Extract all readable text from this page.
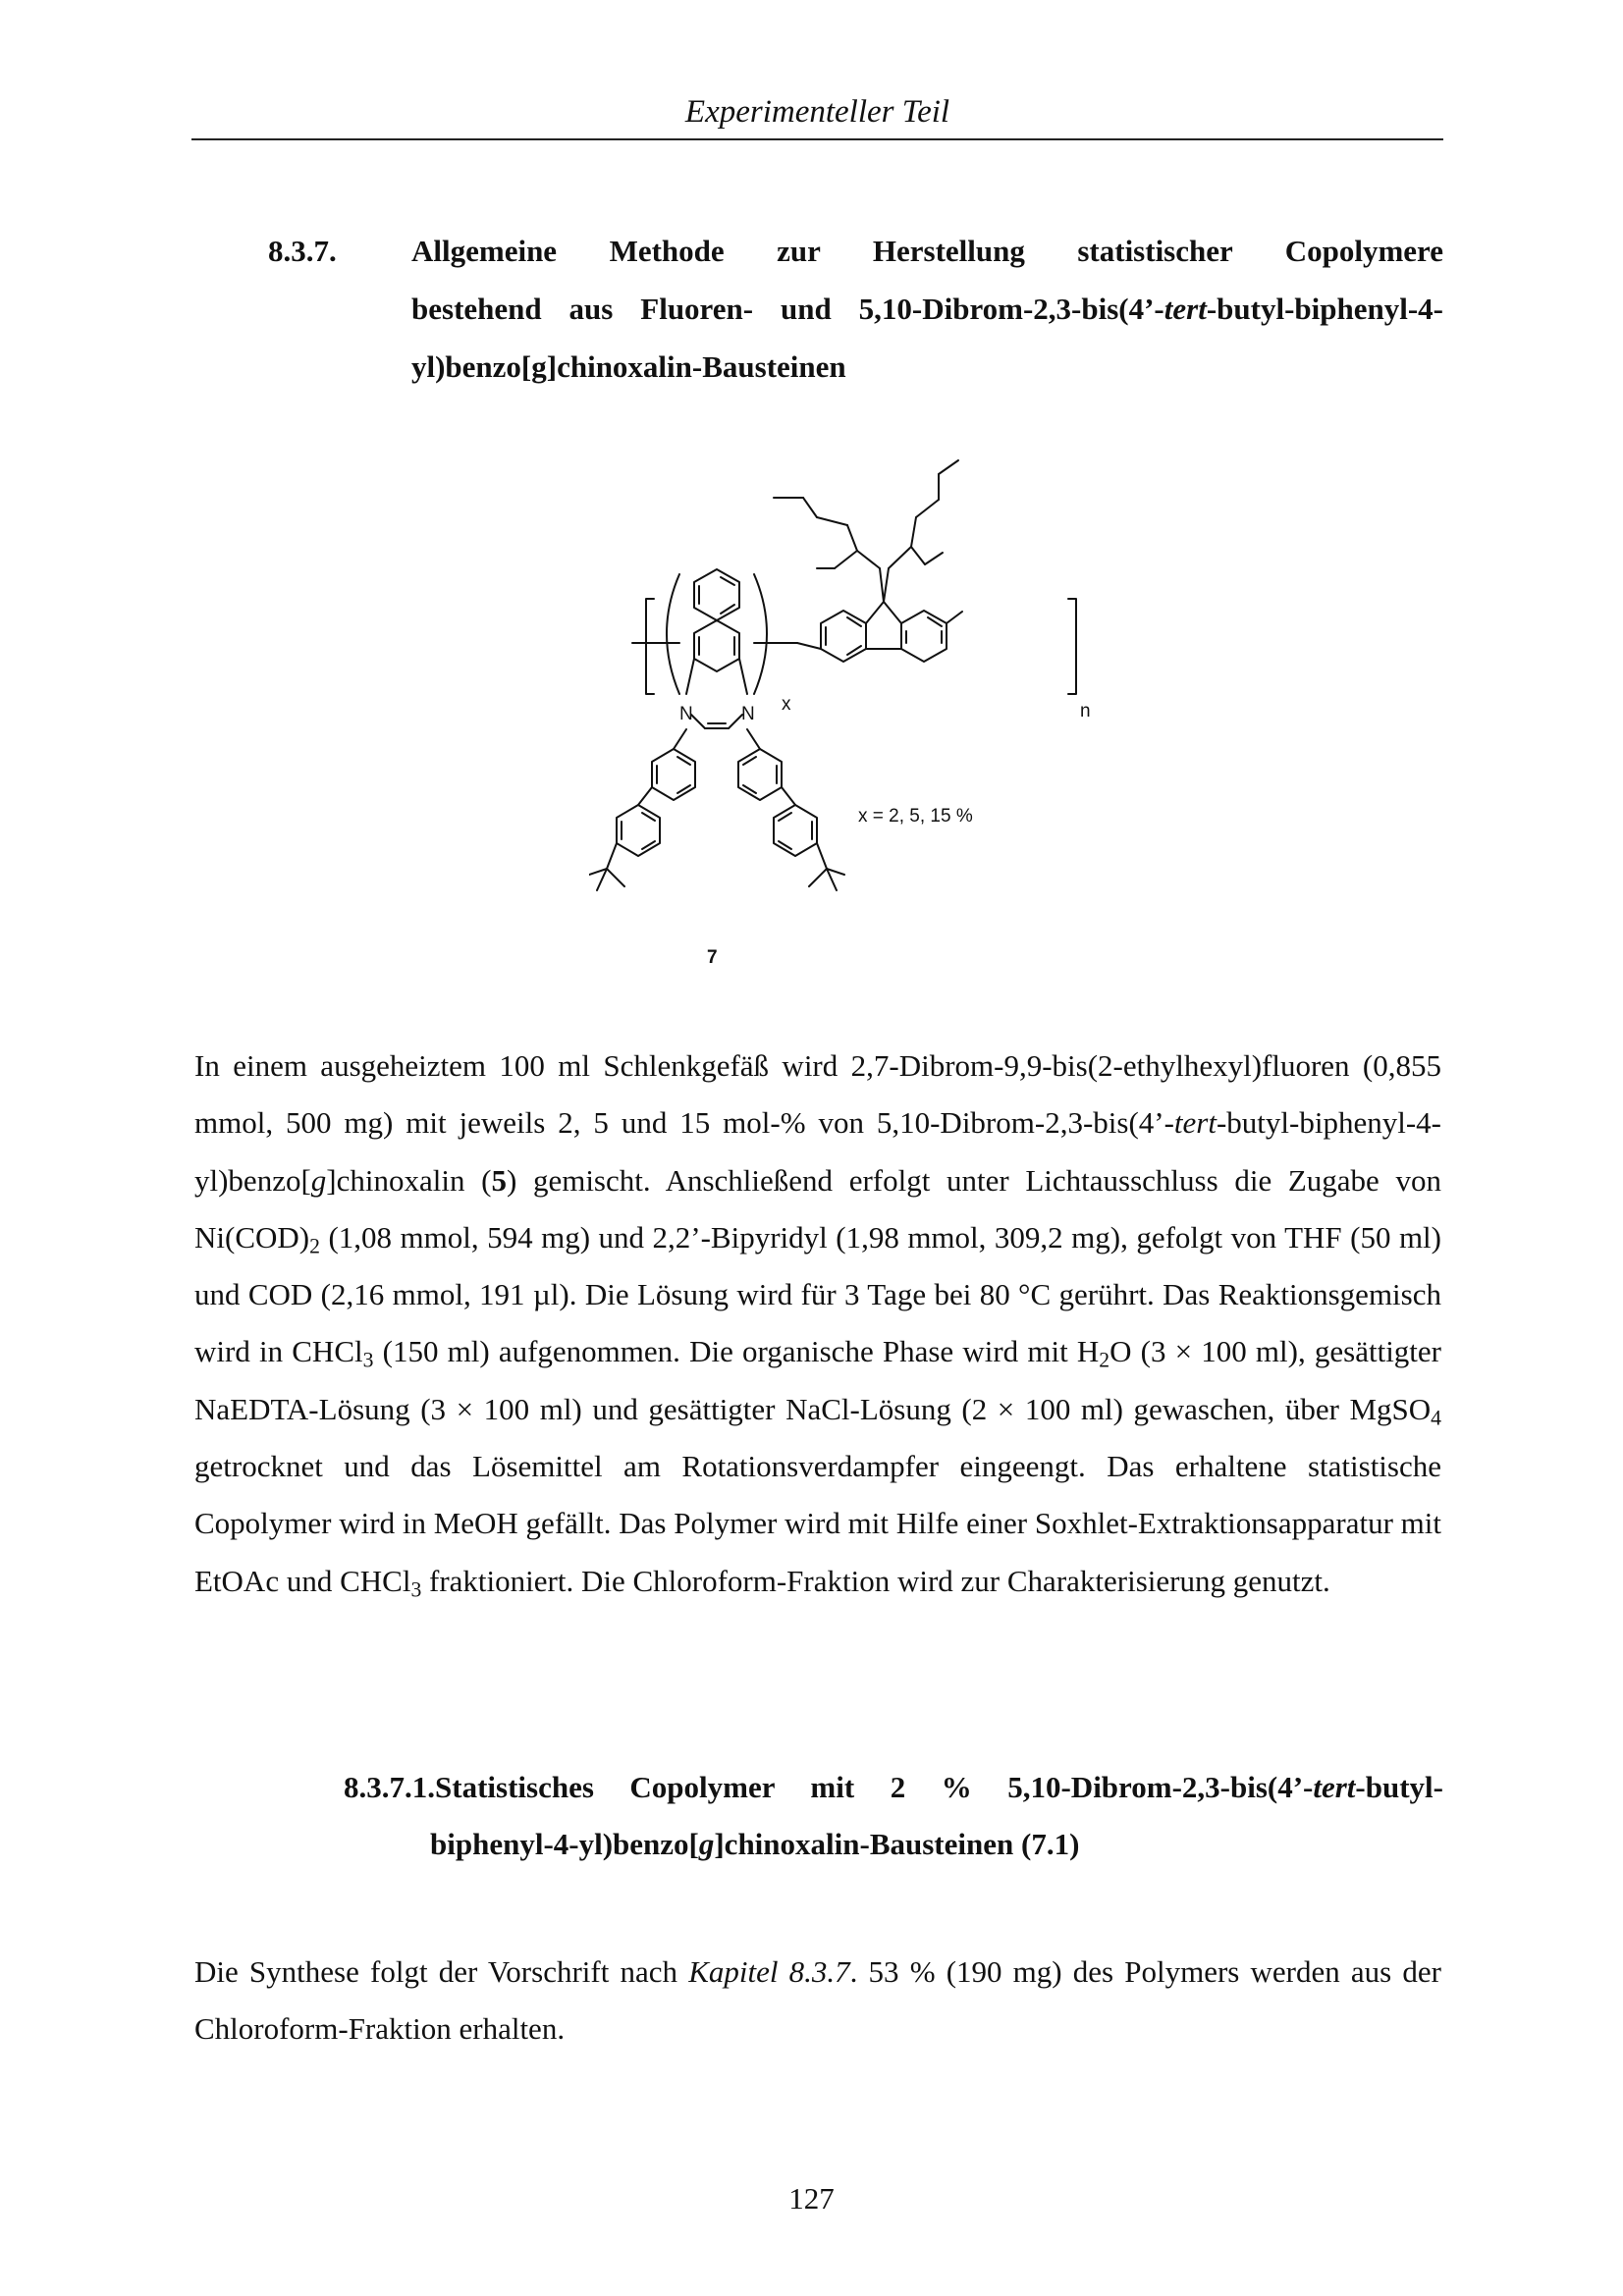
Experimenteller Teil
8.3.7. Allgemeine Methode zur Herstellung statistischer Copolymere
bestehend aus Fluoren- und 5,10-Dibrom-2,3-bis(4’-tert-butyl-biphenyl-4-
yl)benzo[g]chinoxalin-Bausteinen
N	N x	n
x = 2, 5, 15 %
7
In einem ausgeheiztem 100 ml Schlenkgefäß wird 2,7-Dibrom-9,9-bis(2-ethylhexyl)fluoren (0,855 mmol, 500 mg) mit jeweils 2, 5 und 15 mol-% von 5,10-Dibrom-2,3-bis(4’-tert-butyl-biphenyl-4-yl)benzo[g]chinoxalin (5) gemischt. Anschließend erfolgt unter Lichtausschluss die Zugabe von $Ni(COD)_2$ (1,08 mmol, 594 mg) und 2,2’-Bipyridyl (1,98 mmol, 309,2 mg), gefolgt von THF (50 ml) und COD (2,16 mmol, 191 µl). Die Lösung wird für 3 Tage bei 80 °C gerührt. Das Reaktionsgemisch wird in CHCl$_3$ (150 ml) aufgenommen. Die organische Phase wird mit $H_2O$ (3 × 100 ml), gesättigter NaEDTA-Lösung (3 × 100 ml) und gesättigter NaCl-Lösung (2 × 100 ml) gewaschen, über MgSO$_4$ getrocknet und das Lösemittel am Rotationsverdampfer eingeengt. Das erhaltene statistische Copolymer wird in MeOH gefällt. Das Polymer wird mit Hilfe einer Soxhlet-Extraktionsapparatur mit EtOAc und CHCl$_3$ fraktioniert. Die Chloroform-Fraktion wird zur Charakterisierung genutzt.
8.3.7.1. Statistisches Copolymer mit 2 % 5,10-Dibrom-2,3-bis(4’-tert-butyl-
biphenyl-4-yl)benzo[g]chinoxalin-Bausteinen (7.1)
Die Synthese folgt der Vorschrift nach Kapitel 8.3.7. 53 % (190 mg) des Polymers werden aus der Chloroform-Fraktion erhalten.
127
